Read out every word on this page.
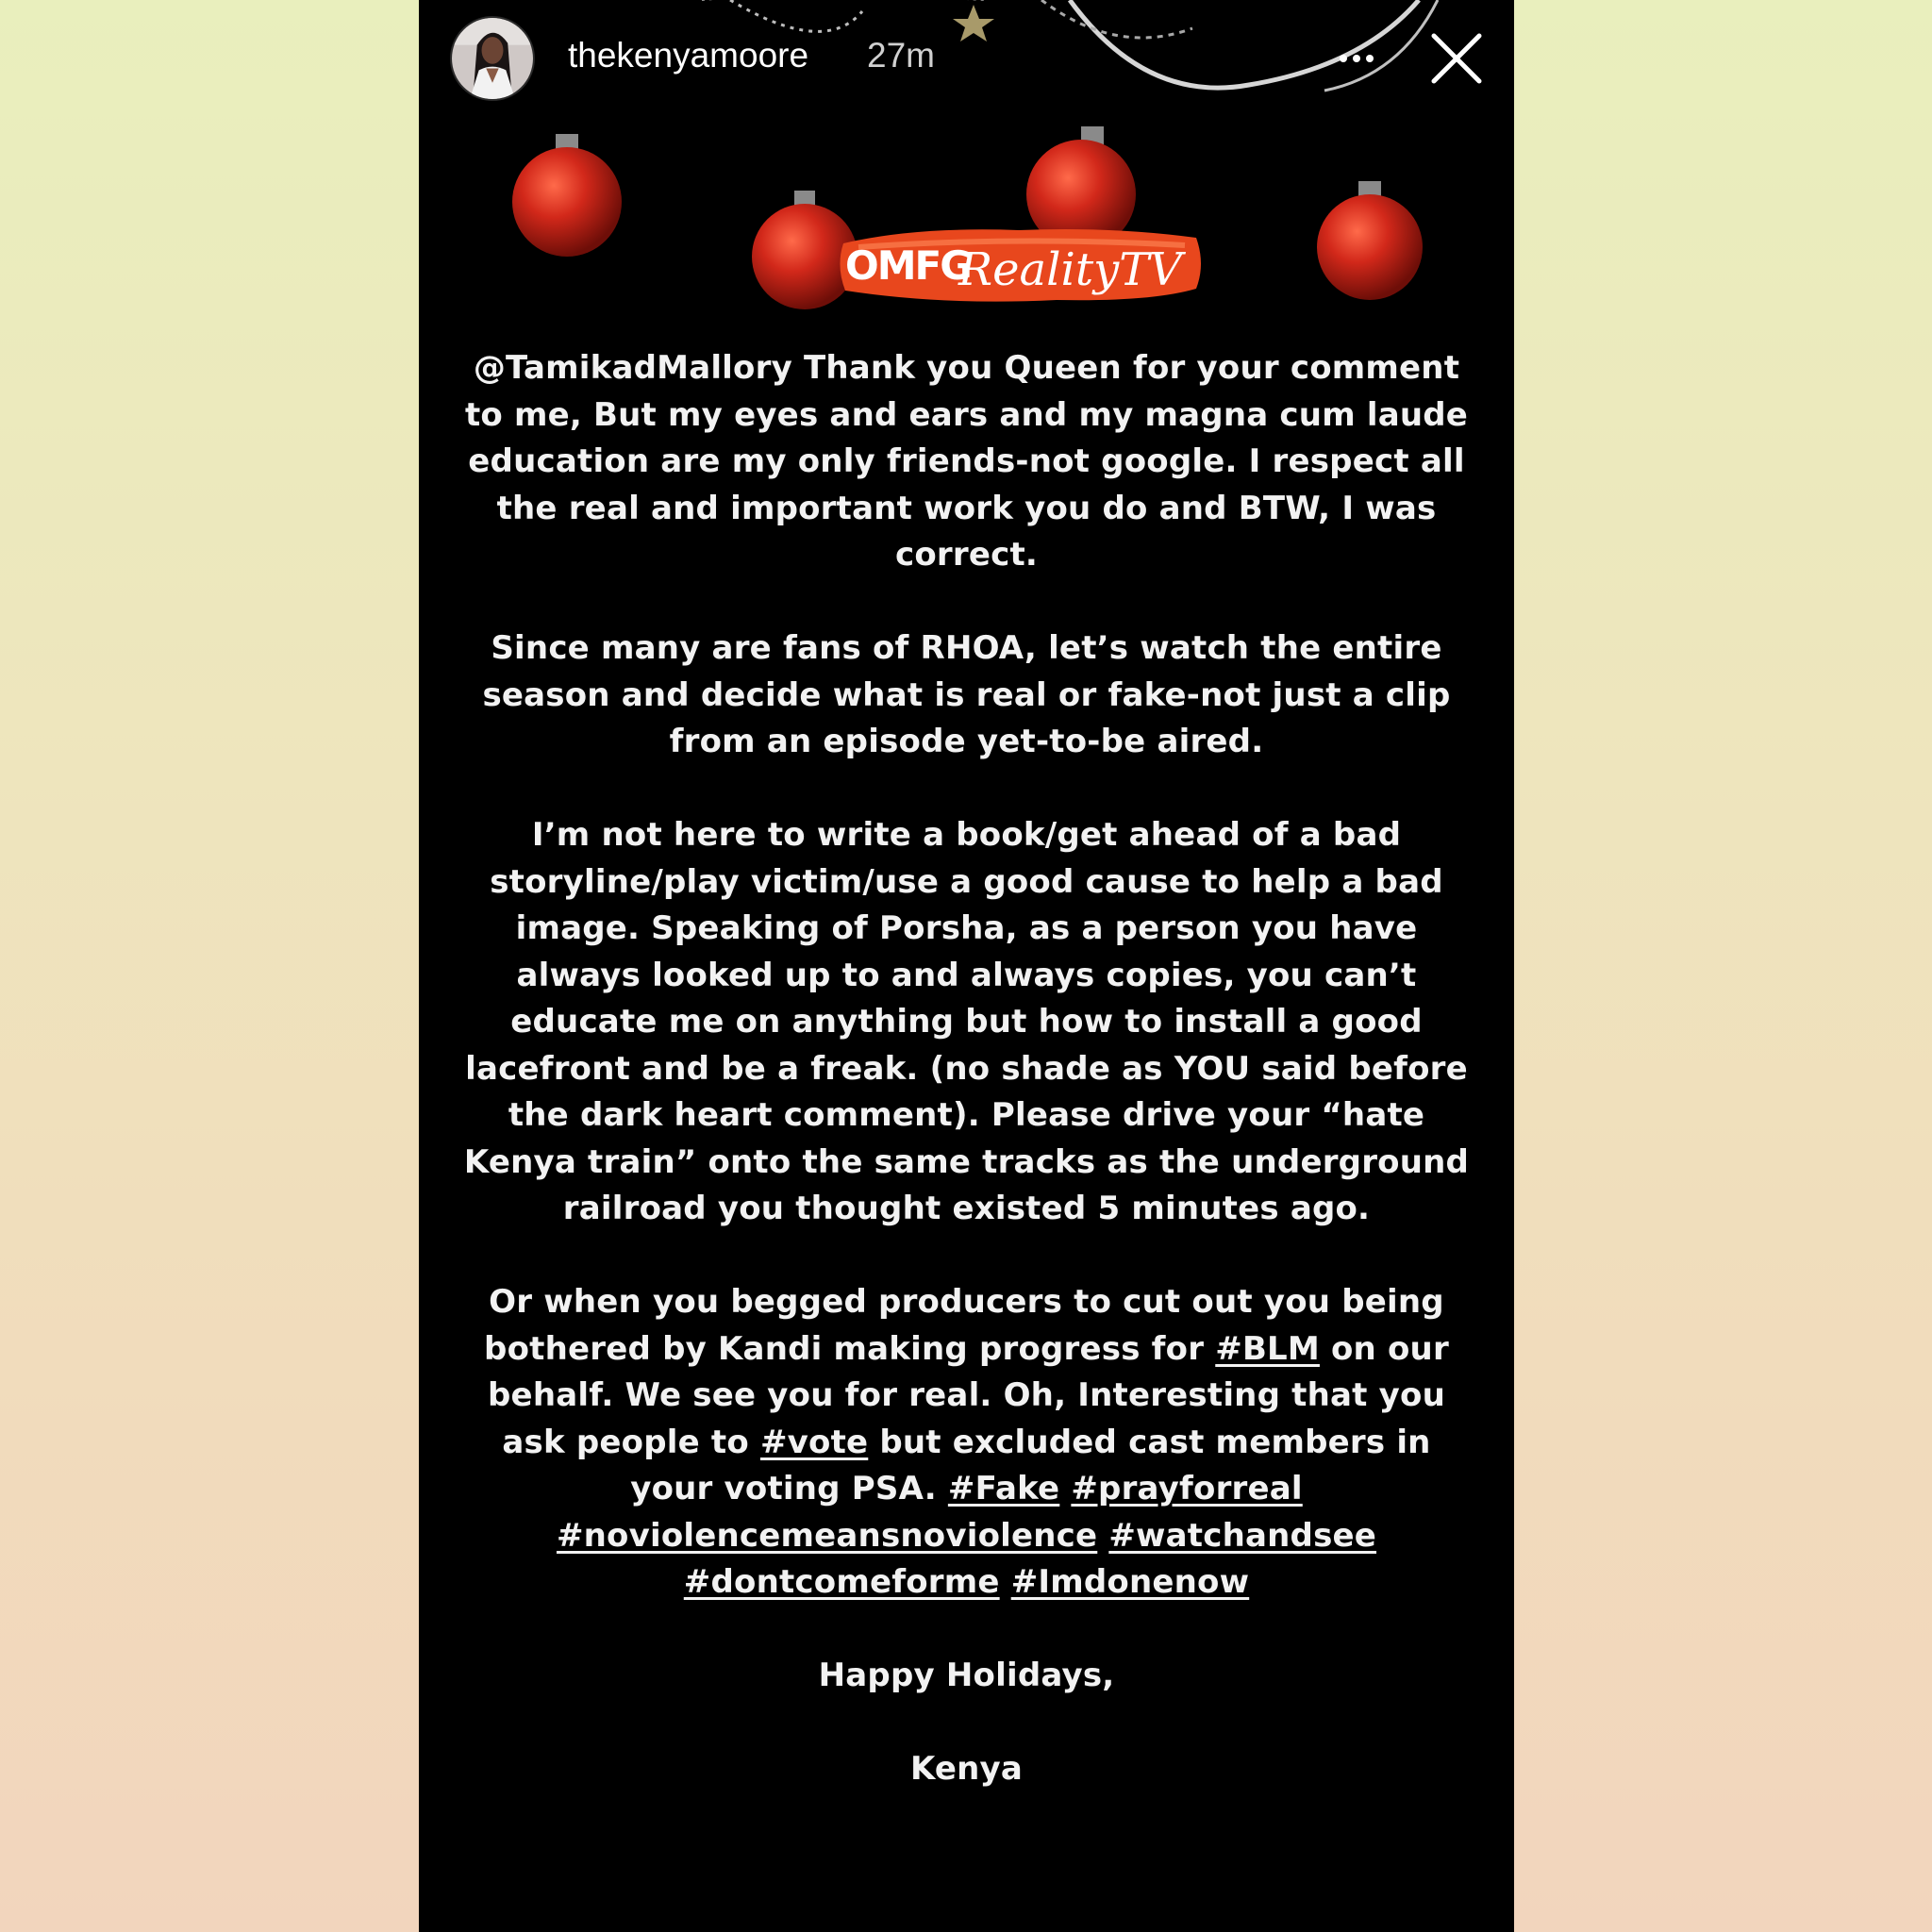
thekenyamoore 27m
OMFG
RealityTV

@TamikadMallory Thank you Queen for your comment to me, But my eyes and ears and my magna cum laude education are my only friends-not google. I respect all the real and important work you do and BTW, I was correct.

Since many are fans of RHOA, let’s watch the entire season and decide what is real or fake-not just a clip from an episode yet-to-be aired.

I’m not here to write a book/get ahead of a bad storyline/play victim/use a good cause to help a bad image. Speaking of Porsha, as a person you have always looked up to and always copies, you can’t educate me on anything but how to install a good lacefront and be a freak. (no shade as YOU said before the dark heart comment). Please drive your “hate Kenya train” onto the same tracks as the underground railroad you thought existed 5 minutes ago.

Or when you begged producers to cut out you being bothered by Kandi making progress for #BLM on our behalf. We see you for real. Oh, Interesting that you ask people to #vote but excluded cast members in your voting PSA. #Fake #prayforreal #noviolencemeansnoviolence #watchandsee #dontcomeforme #Imdonenow

Happy Holidays,

Kenya
